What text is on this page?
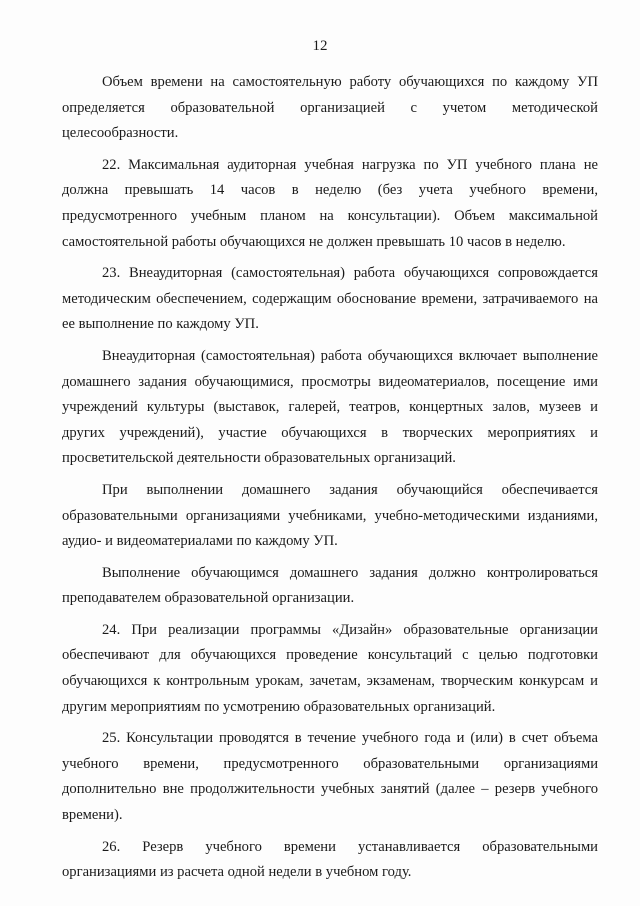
12

Объем времени на самостоятельную работу обучающихся по каждому УП определяется образовательной организацией с учетом методической целесообразности.

22. Максимальная аудиторная учебная нагрузка по УП учебного плана не должна превышать 14 часов в неделю (без учета учебного времени, предусмотренного учебным планом на консультации). Объем максимальной самостоятельной работы обучающихся не должен превышать 10 часов в неделю.

23. Внеаудиторная (самостоятельная) работа обучающихся сопровождается методическим обеспечением, содержащим обоснование времени, затрачиваемого на ее выполнение по каждому УП.

Внеаудиторная (самостоятельная) работа обучающихся включает выполнение домашнего задания обучающимися, просмотры видеоматериалов, посещение ими учреждений культуры (выставок, галерей, театров, концертных залов, музеев и других учреждений), участие обучающихся в творческих мероприятиях и просветительской деятельности образовательных организаций.

При выполнении домашнего задания обучающийся обеспечивается образовательными организациями учебниками, учебно-методическими изданиями, аудио- и видеоматериалами по каждому УП.

Выполнение обучающимся домашнего задания должно контролироваться преподавателем образовательной организации.

24. При реализации программы «Дизайн» образовательные организации обеспечивают для обучающихся проведение консультаций с целью подготовки обучающихся к контрольным урокам, зачетам, экзаменам, творческим конкурсам и другим мероприятиям по усмотрению образовательных организаций.

25. Консультации проводятся в течение учебного года и (или) в счет объема учебного времени, предусмотренного образовательными организациями дополнительно вне продолжительности учебных занятий (далее – резерв учебного времени).

26. Резерв учебного времени устанавливается образовательными организациями из расчета одной недели в учебном году.
